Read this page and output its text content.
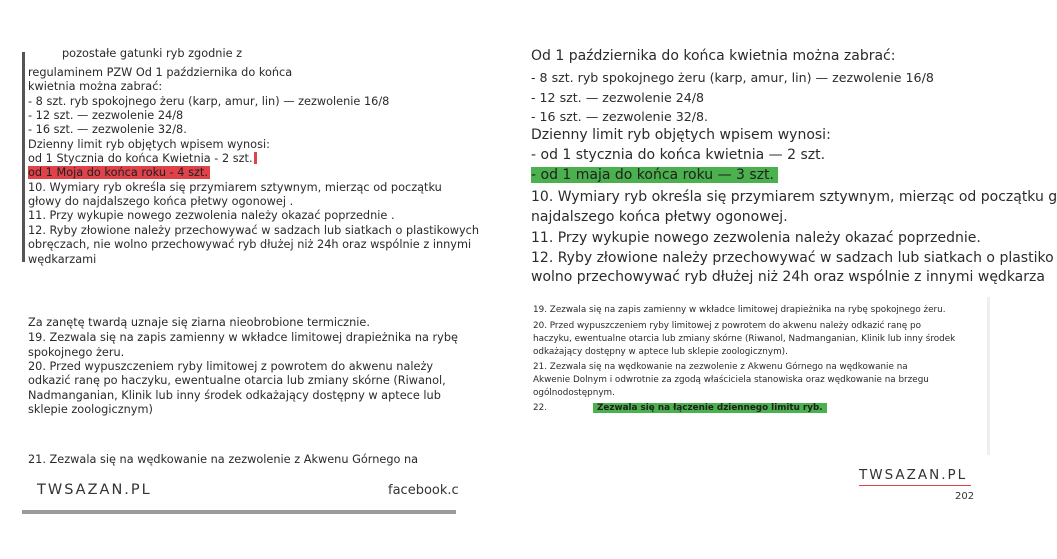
pozostałe gatunki ryb zgodnie z
regulaminem PZW Od 1 października do końca
kwietnia można zabrać:
- 8 szt. ryb spokojnego żeru (karp, amur, lin) — zezwolenie 16/8
- 12 szt. — zezwolenie 24/8
- 16 szt. — zezwolenie 32/8.
Dzienny limit ryb objętych wpisem wynosi:
od 1 Stycznia do końca Kwietnia - 2 szt.
od 1 Moja do końca roku - 4 szt.
10. Wymiary ryb określa się przymiarem sztywnym, mierząc od początku
głowy do najdalszego końca płetwy ogonowej .
11. Przy wykupie nowego zezwolenia należy okazać poprzednie .
12. Ryby złowione należy przechowywać w sadzach lub siatkach o plastikowych
obręczach, nie wolno przechowywać ryb dłużej niż 24h oraz wspólnie z innymi
wędkarzami
Od 1 października do końca kwietnia można zabrać:
- 8 szt. ryb spokojnego żeru (karp, amur, lin) — zezwolenie 16/8
- 12 szt. — zezwolenie 24/8
- 16 szt. — zezwolenie 32/8.
Dzienny limit ryb objętych wpisem wynosi:
- od 1 stycznia do końca kwietnia — 2 szt.
- od 1 maja do końca roku — 3 szt.
10. Wymiary ryb określa się przymiarem sztywnym, mierząc od początku g
najdalszego końca płetwy ogonowej.
11. Przy wykupie nowego zezwolenia należy okazać poprzednie.
12. Ryby złowione należy przechowywać w sadzach lub siatkach o plastiko
wolno przechowywać ryb dłużej niż 24h oraz wspólnie z innymi wędkarza
Za zanętę twardą uznaje się ziarna nieobrobione termicznie.
19. Zezwala się na zapis zamienny w wkładce limitowej drapieżnika na rybę
spokojnego żeru.
20. Przed wypuszczeniem ryby limitowej z powrotem do akwenu należy
odkazić ranę po haczyku, ewentualne otarcia lub zmiany skórne (Riwanol,
Nadmanganian, Klinik lub inny środek odkażający dostępny w aptece lub
sklepie zoologicznym)
21. Zezwala się na wędkowanie na zezwolenie z Akwenu Górnego na
TWSAZAN.PL	facebook.c
19. Zezwala się na zapis zamienny w wkładce limitowej drapieżnika na rybę spokojnego żeru.
20. Przed wypuszczeniem ryby limitowej z powrotem do akwenu należy odkazić ranę po
haczyku, ewentualne otarcia lub zmiany skórne (Riwanol, Nadmanganian, Klinik lub inny środek
odkażający dostępny w aptece lub sklepie zoologicznym).
21. Zezwala się na wędkowanie na zezwolenie z Akwenu Górnego na wędkowanie na
Akwenie Dolnym i odwrotnie za zgodą właściciela stanowiska oraz wędkowanie na brzegu
ogólnodostępnym.
22.	Zezwala się na łączenie dziennego limitu ryb.
TWSAZAN.PL
202
